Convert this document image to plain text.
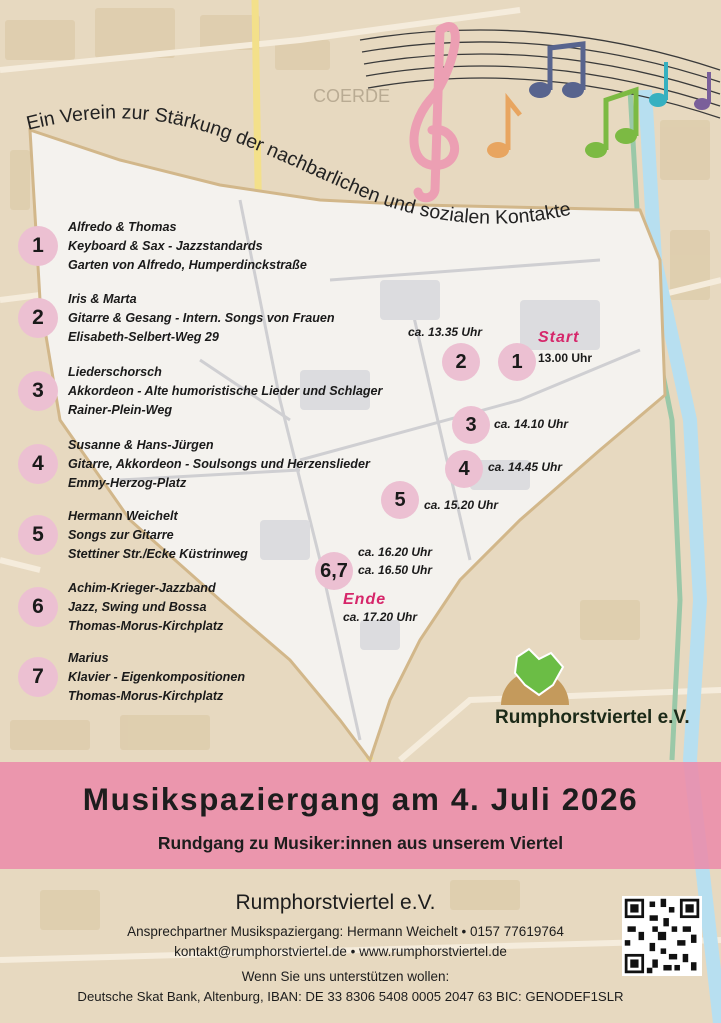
COERDE
Ein Verein zur Stärkung der nachbarlichen und sozialen Kontakte
1
Alfredo & Thomas
Keyboard & Sax - Jazzstandards
Garten von Alfredo, Humperdinckstraße
2
Iris & Marta
Gitarre & Gesang - Intern. Songs von Frauen
Elisabeth-Selbert-Weg 29
3
Liederschorsch
Akkordeon - Alte humoristische Lieder und Schlager
Rainer-Plein-Weg
4
Susanne & Hans-Jürgen
Gitarre, Akkordeon - Soulsongs und Herzenslieder
Emmy-Herzog-Platz
5
Hermann Weichelt
Songs zur Gitarre
Stettiner Str./Ecke Küstrinweg
6
Achim-Krieger-Jazzband
Jazz, Swing und Bossa
Thomas-Morus-Kirchplatz
7
Marius
Klavier - Eigenkompositionen
Thomas-Morus-Kirchplatz
1
Start
13.00 Uhr
2
ca. 13.35 Uhr
3	ca. 14.10 Uhr
4	ca. 14.45 Uhr
5	ca. 15.20 Uhr
6,7
ca. 16.20 Uhr
ca. 16.50 Uhr
Ende
ca. 17.20 Uhr
Rumphorstviertel e.V.
Musikspaziergang am 4. Juli 2026
Rundgang zu Musiker:innen aus unserem Viertel
Rumphorstviertel e.V.
Ansprechpartner Musikspaziergang: Hermann Weichelt • 0157 77619764
kontakt@rumphorstviertel.de • www.rumphorstviertel.de
Wenn Sie uns unterstützen wollen:
Deutsche Skat Bank, Altenburg, IBAN: DE 33 8306 5408 0005 2047 63 BIC: GENODEF1SLR
